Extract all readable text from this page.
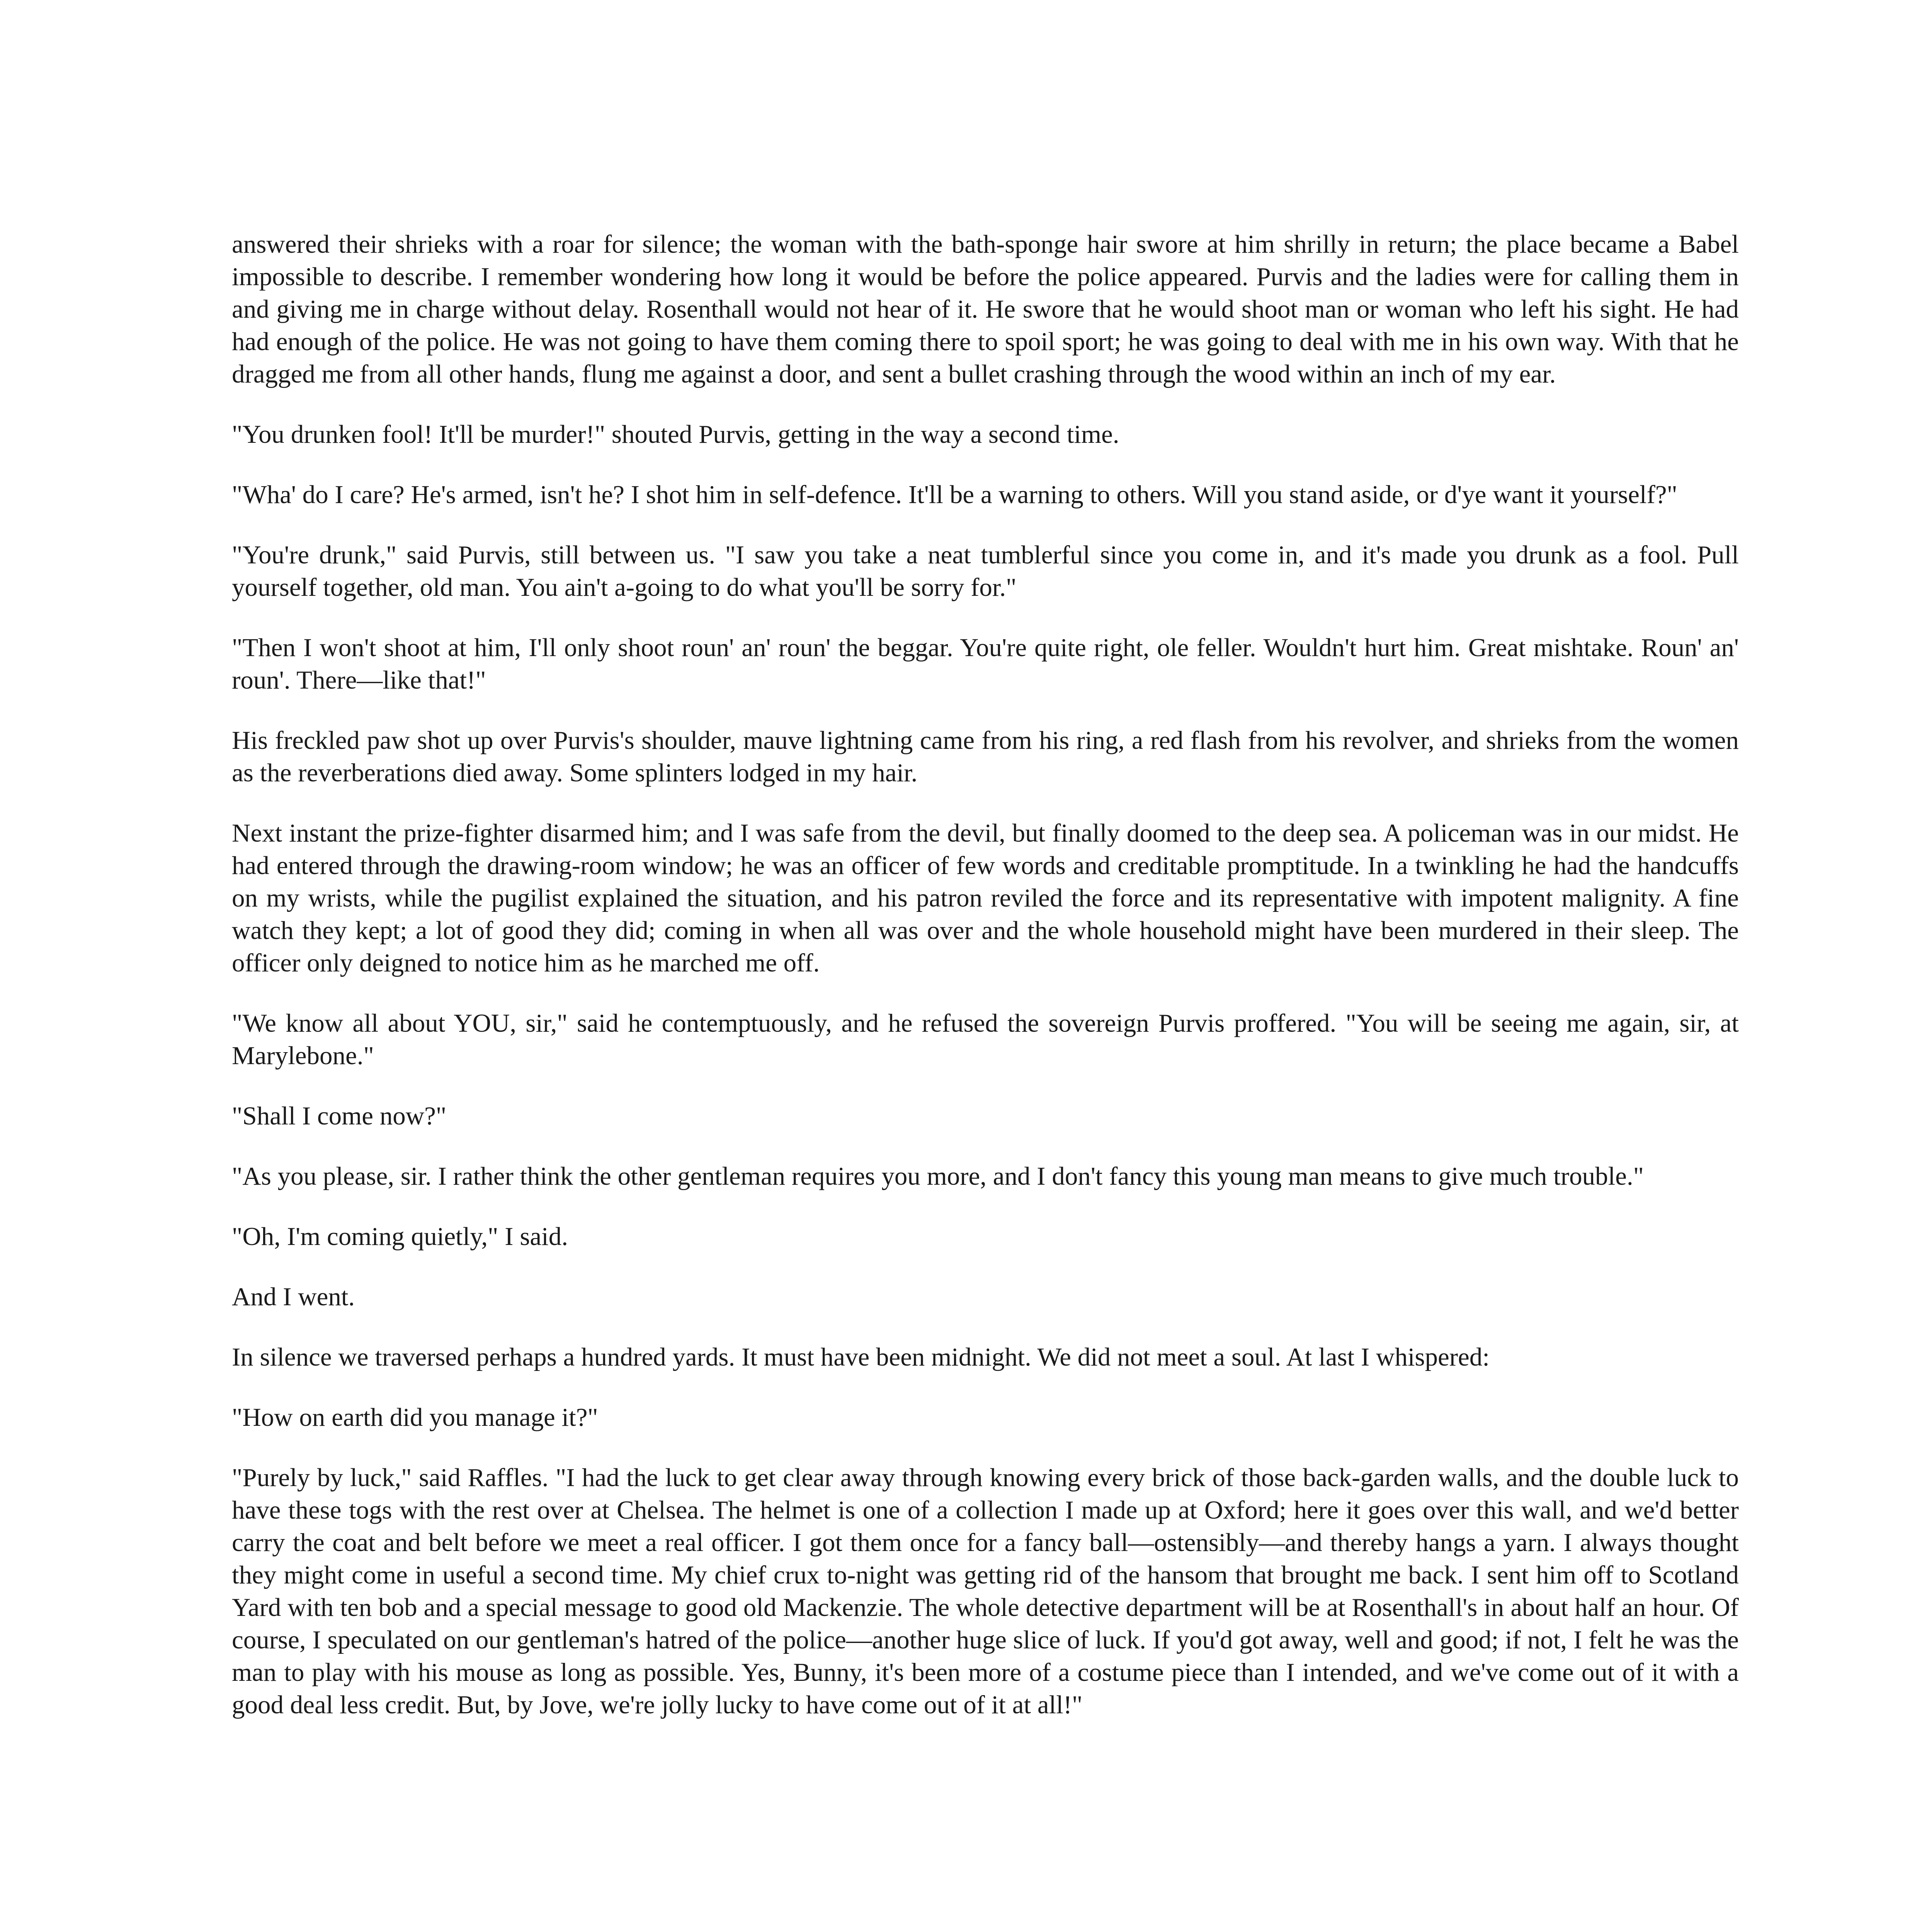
answered their shrieks with a roar for silence; the woman with the bath-sponge hair swore at him shrilly in return; the place became a Babel impossible to describe. I remember wondering how long it would be before the police appeared. Purvis and the ladies were for calling them in and giving me in charge without delay. Rosenthall would not hear of it. He swore that he would shoot man or woman who left his sight. He had had enough of the police. He was not going to have them coming there to spoil sport; he was going to deal with me in his own way. With that he dragged me from all other hands, flung me against a door, and sent a bullet crashing through the wood within an inch of my ear.

"You drunken fool! It'll be murder!" shouted Purvis, getting in the way a second time.

"Wha' do I care? He's armed, isn't he? I shot him in self-defence. It'll be a warning to others. Will you stand aside, or d'ye want it yourself?"

"You're drunk," said Purvis, still between us. "I saw you take a neat tumblerful since you come in, and it's made you drunk as a fool. Pull yourself together, old man. You ain't a-going to do what you'll be sorry for."

"Then I won't shoot at him, I'll only shoot roun' an' roun' the beggar. You're quite right, ole feller. Wouldn't hurt him. Great mishtake. Roun' an' roun'. There—like that!"

His freckled paw shot up over Purvis's shoulder, mauve lightning came from his ring, a red flash from his revolver, and shrieks from the women as the reverberations died away. Some splinters lodged in my hair.

Next instant the prize-fighter disarmed him; and I was safe from the devil, but finally doomed to the deep sea. A policeman was in our midst. He had entered through the drawing-room window; he was an officer of few words and creditable promptitude. In a twinkling he had the handcuffs on my wrists, while the pugilist explained the situation, and his patron reviled the force and its representative with impotent malignity. A fine watch they kept; a lot of good they did; coming in when all was over and the whole household might have been murdered in their sleep. The officer only deigned to notice him as he marched me off.

"We know all about YOU, sir," said he contemptuously, and he refused the sovereign Purvis proffered. "You will be seeing me again, sir, at Marylebone."

"Shall I come now?"

"As you please, sir. I rather think the other gentleman requires you more, and I don't fancy this young man means to give much trouble."

"Oh, I'm coming quietly," I said.

And I went.

In silence we traversed perhaps a hundred yards. It must have been midnight. We did not meet a soul. At last I whispered:

"How on earth did you manage it?"

"Purely by luck," said Raffles. "I had the luck to get clear away through knowing every brick of those back-garden walls, and the double luck to have these togs with the rest over at Chelsea. The helmet is one of a collection I made up at Oxford; here it goes over this wall, and we'd better carry the coat and belt before we meet a real officer. I got them once for a fancy ball—ostensibly—and thereby hangs a yarn. I always thought they might come in useful a second time. My chief crux to-night was getting rid of the hansom that brought me back. I sent him off to Scotland Yard with ten bob and a special message to good old Mackenzie. The whole detective department will be at Rosenthall's in about half an hour. Of course, I speculated on our gentleman's hatred of the police—another huge slice of luck. If you'd got away, well and good; if not, I felt he was the man to play with his mouse as long as possible. Yes, Bunny, it's been more of a costume piece than I intended, and we've come out of it with a good deal less credit. But, by Jove, we're jolly lucky to have come out of it at all!"
